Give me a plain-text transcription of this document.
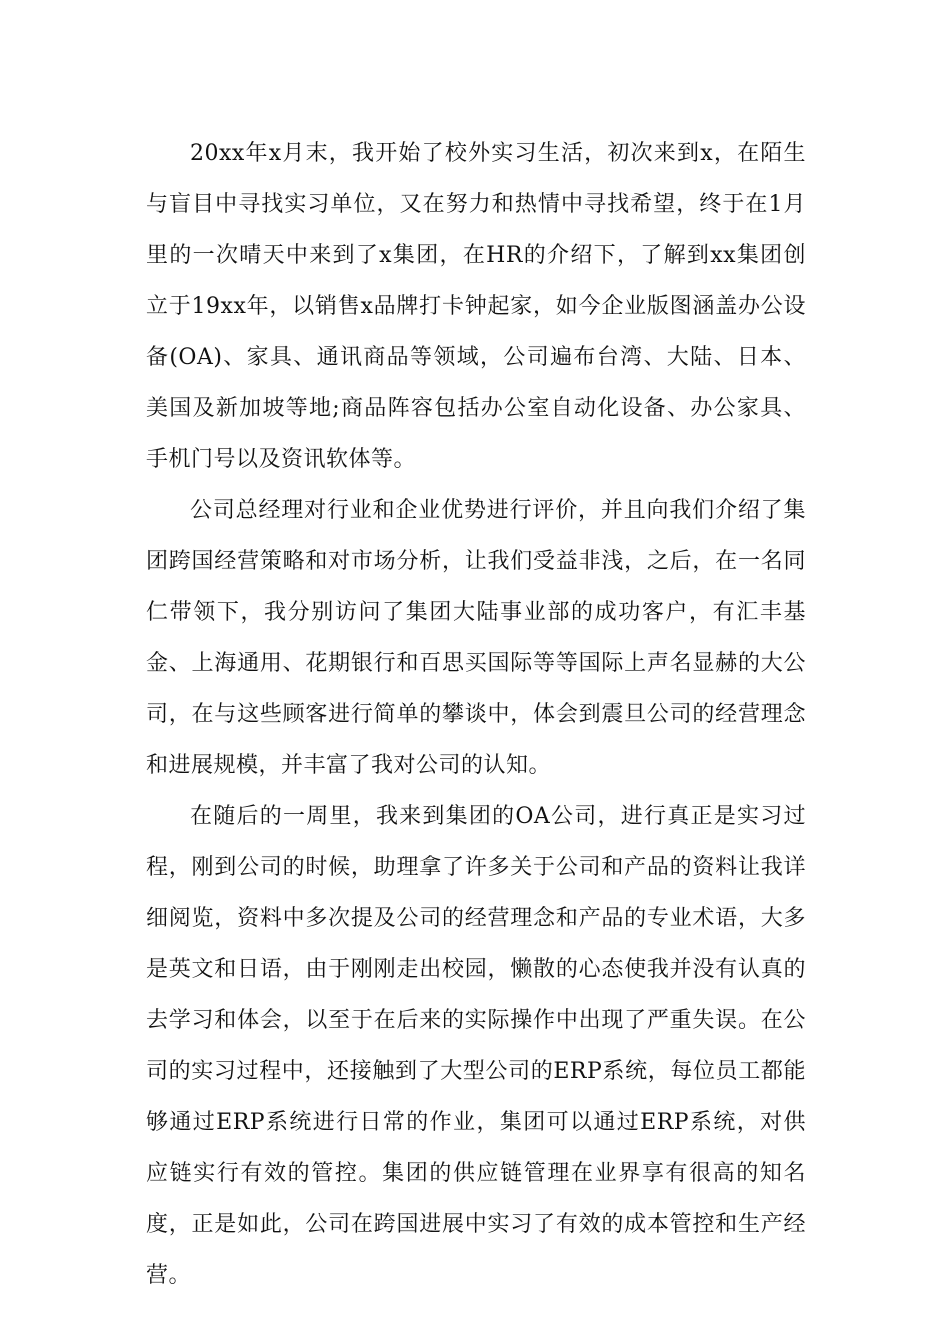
20xx年x月末，我开始了校外实习生活，初次来到x，在陌生与盲目中寻找实习单位，又在努力和热情中寻找希望，终于在1月里的一次晴天中来到了x集团，在HR的介绍下，了解到xx集团创立于19xx年，以销售x品牌打卡钟起家，如今企业版图涵盖办公设备(OA)、家具、通讯商品等领域，公司遍布台湾、大陆、日本、美国及新加坡等地;商品阵容包括办公室自动化设备、办公家具、手机门号以及资讯软体等。

公司总经理对行业和企业优势进行评价，并且向我们介绍了集团跨国经营策略和对市场分析，让我们受益非浅，之后，在一名同仁带领下，我分别访问了集团大陆事业部的成功客户，有汇丰基金、上海通用、花期银行和百思买国际等等国际上声名显赫的大公司，在与这些顾客进行简单的攀谈中，体会到震旦公司的经营理念和进展规模，并丰富了我对公司的认知。

在随后的一周里，我来到集团的OA公司，进行真正是实习过程，刚到公司的时候，助理拿了许多关于公司和产品的资料让我详细阅览，资料中多次提及公司的经营理念和产品的专业术语，大多是英文和日语，由于刚刚走出校园，懒散的心态使我并没有认真的去学习和体会，以至于在后来的实际操作中出现了严重失误。在公司的实习过程中，还接触到了大型公司的ERP系统，每位员工都能够通过ERP系统进行日常的作业，集团可以通过ERP系统，对供应链实行有效的管控。集团的供应链管理在业界享有很高的知名度，正是如此，公司在跨国进展中实习了有效的成本管控和生产经营。
